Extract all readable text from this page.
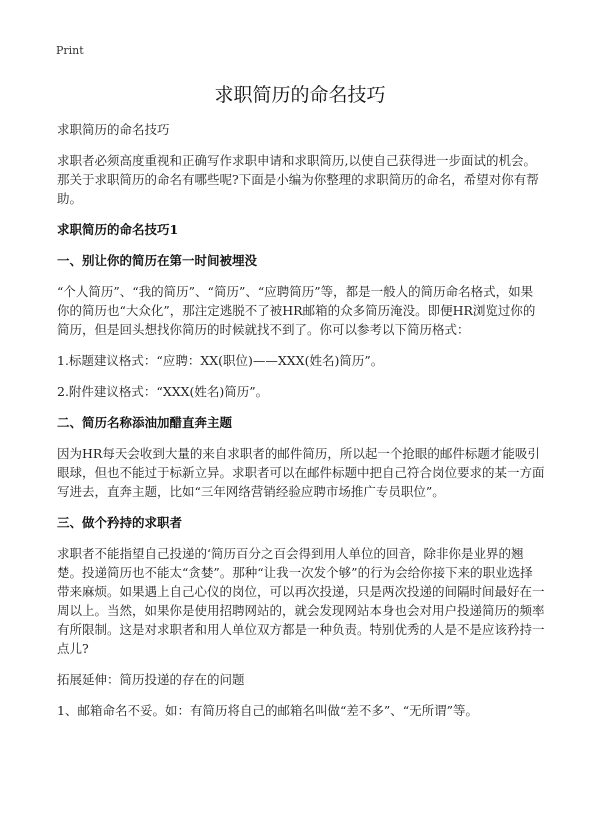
Print
求职简历的命名技巧

求职简历的命名技巧

求职者必须高度重视和正确写作求职申请和求职简历,以使自己获得进一步面试的机会。那关于求职简历的命名有哪些呢?下面是小编为你整理的求职简历的命名，希望对你有帮助。

求职简历的命名技巧1

一、别让你的简历在第一时间被埋没

“个人简历”、“我的简历”、“简历”、“应聘简历”等，都是一般人的简历命名格式，如果你的简历也“大众化”，那注定逃脱不了被HR邮箱的众多简历淹没。即便HR浏览过你的简历，但是回头想找你简历的时候就找不到了。你可以参考以下简历格式：

1.标题建议格式：“应聘：XX(职位)——XXX(姓名)简历”。

2.附件建议格式：“XXX(姓名)简历”。

二、简历名称添油加醋直奔主题

因为HR每天会收到大量的来自求职者的邮件简历，所以起一个抢眼的邮件标题才能吸引眼球，但也不能过于标新立异。求职者可以在邮件标题中把自己符合岗位要求的某一方面写进去，直奔主题，比如“三年网络营销经验应聘市场推广专员职位”。

三、做个矜持的求职者

求职者不能指望自己投递的‘简历百分之百会得到用人单位的回音，除非你是业界的翘楚。投递简历也不能太“贪婪”。那种“让我一次发个够”的行为会给你接下来的职业选择带来麻烦。如果遇上自己心仪的岗位，可以再次投递，只是两次投递的间隔时间最好在一周以上。当然，如果你是使用招聘网站的，就会发现网站本身也会对用户投递简历的频率有所限制。这是对求职者和用人单位双方都是一种负责。特别优秀的人是不是应该矜持一点儿?

拓展延伸：简历投递的存在的问题

1、邮箱命名不妥。如：有简历将自己的邮箱名叫做“差不多”、“无所谓”等。
